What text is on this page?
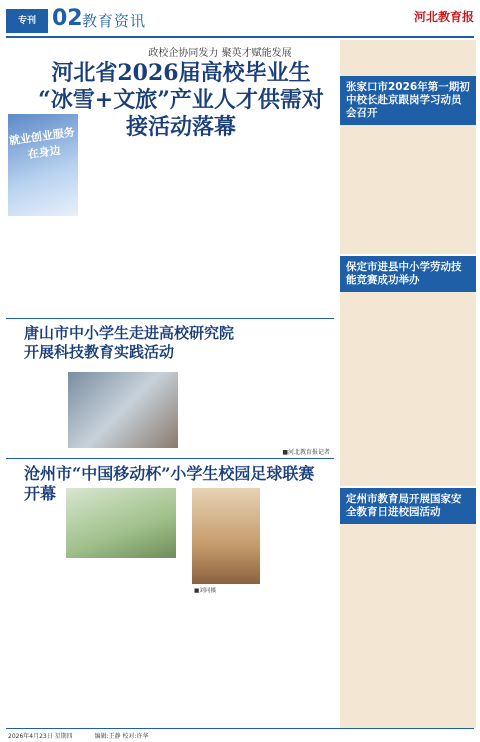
专刊 02 教育资讯	河北教育报
政校企协同发力 聚英才赋能发展
河北省2026届高校毕业生
“冰雪+文旅”产业人才供需对接活动落幕
就业创业服务在身边
唐山市中小学生走进高校研究院
开展科技教育实践活动
■河北教育报记者
沧州市“中国移动杯”小学生校园足球联赛开幕
■刘同摄
张家口市2026年第一期初中校长赴京跟岗学习动员会召开
保定市进县中小学劳动技能竞赛成功举办
定州市教育局开展国家安全教育日进校园活动
2026年4月23日 星期四	编辑:王静 校对:许华
